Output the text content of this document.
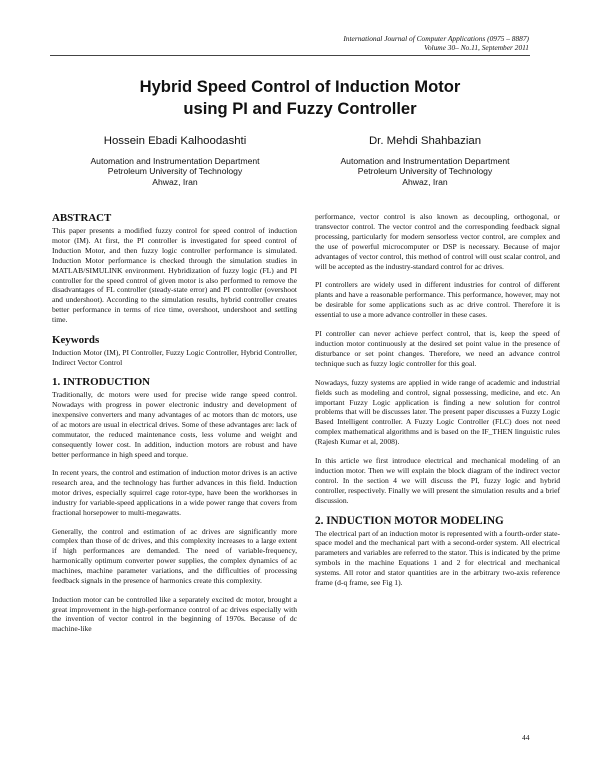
International Journal of Computer Applications (0975 – 8887)
Volume 30– No.11, September 2011
Hybrid Speed Control of Induction Motor
using PI and Fuzzy Controller
Hossein Ebadi Kalhoodashti
Automation and Instrumentation Department
Petroleum University of Technology
Ahwaz, Iran
Dr. Mehdi Shahbazian
Automation and Instrumentation Department
Petroleum University of Technology
Ahwaz, Iran
ABSTRACT

This paper presents a modified fuzzy control for speed control of induction motor (IM). At first, the PI controller is investigated for speed control of Induction Motor, and then fuzzy logic controller performance is simulated. Induction Motor performance is checked through the simulation studies in MATLAB/SIMULINK environment. Hybridization of fuzzy logic (FL) and PI controller for the speed control of given motor is also performed to remove the disadvantages of FL controller (steady-state error) and PI controller (overshoot and undershoot). According to the simulation results, hybrid controller creates better performance in terms of rice time, overshoot, undershoot and settling time.

Keywords

Induction Motor (IM), PI Controller, Fuzzy Logic Controller, Hybrid Controller, Indirect Vector Control

1. INTRODUCTION

Traditionally, dc motors were used for precise wide range speed control. Nowadays with progress in power electronic industry and development of inexpensive converters and many advantages of ac motors than dc motors, use of ac motors are usual in electrical drives. Some of these advantages are: lack of commutator, the reduced maintenance costs, less volume and weight and consequently lower cost. In addition, induction motors are robust and have better performance in high speed and torque.

In recent years, the control and estimation of induction motor drives is an active research area, and the technology has further advances in this field. Induction motor drives, especially squirrel cage rotor-type, have been the workhorses in industry for variable-speed applications in a wide power range that covers from fractional horsepower to multi-megawatts.

Generally, the control and estimation of ac drives are significantly more complex than those of dc drives, and this complexity increases to a large extent if high performances are demanded. The need of variable-frequency, harmonically optimum converter power supplies, the complex dynamics of ac machines, machine parameter variations, and the difficulties of processing feedback signals in the presence of harmonics create this complexity.

Induction motor can be controlled like a separately excited dc motor, brought a great improvement in the high-performance control of ac drives especially with the invention of vector control in the beginning of 1970s. Because of dc machine-like

performance, vector control is also known as decoupling, orthogonal, or transvector control. The vector control and the corresponding feedback signal processing, particularly for modern sensorless vector control, are complex and the use of powerful microcomputer or DSP is necessary. Because of major advantages of vector control, this method of control will oust scalar control, and will be accepted as the industry-standard control for ac drives.

PI controllers are widely used in different industries for control of different plants and have a reasonable performance. This performance, however, may not be desirable for some applications such as ac drive control. Therefore it is essential to use a more advance controller in these cases.

PI controller can never achieve perfect control, that is, keep the speed of induction motor continuously at the desired set point value in the presence of disturbance or set point changes. Therefore, we need an advance control technique such as fuzzy logic controller for this goal.

Nowadays, fuzzy systems are applied in wide range of academic and industrial fields such as modeling and control, signal possessing, medicine, and etc. An important Fuzzy Logic application is finding a new solution for control problems that will be discusses later. The present paper discusses a Fuzzy Logic Based Intelligent controller. A Fuzzy Logic Controller (FLC) does not need complex mathematical algorithms and is based on the IF_THEN linguistic rules (Rajesh Kumar et al, 2008).

In this article we first introduce electrical and mechanical modeling of an induction motor. Then we will explain the block diagram of the indirect vector control. In the section 4 we will discuss the PI, fuzzy logic and hybrid controller, respectively. Finally we will present the simulation results and a brief discussion.

2. INDUCTION MOTOR MODELING

The electrical part of an induction motor is represented with a fourth-order state-space model and the mechanical part with a second-order system. All electrical parameters and variables are referred to the stator. This is indicated by the prime symbols in the machine Equations 1 and 2 for electrical and mechanical systems. All rotor and stator quantities are in the arbitrary two-axis reference frame (d-q frame, see Fig 1).

44
